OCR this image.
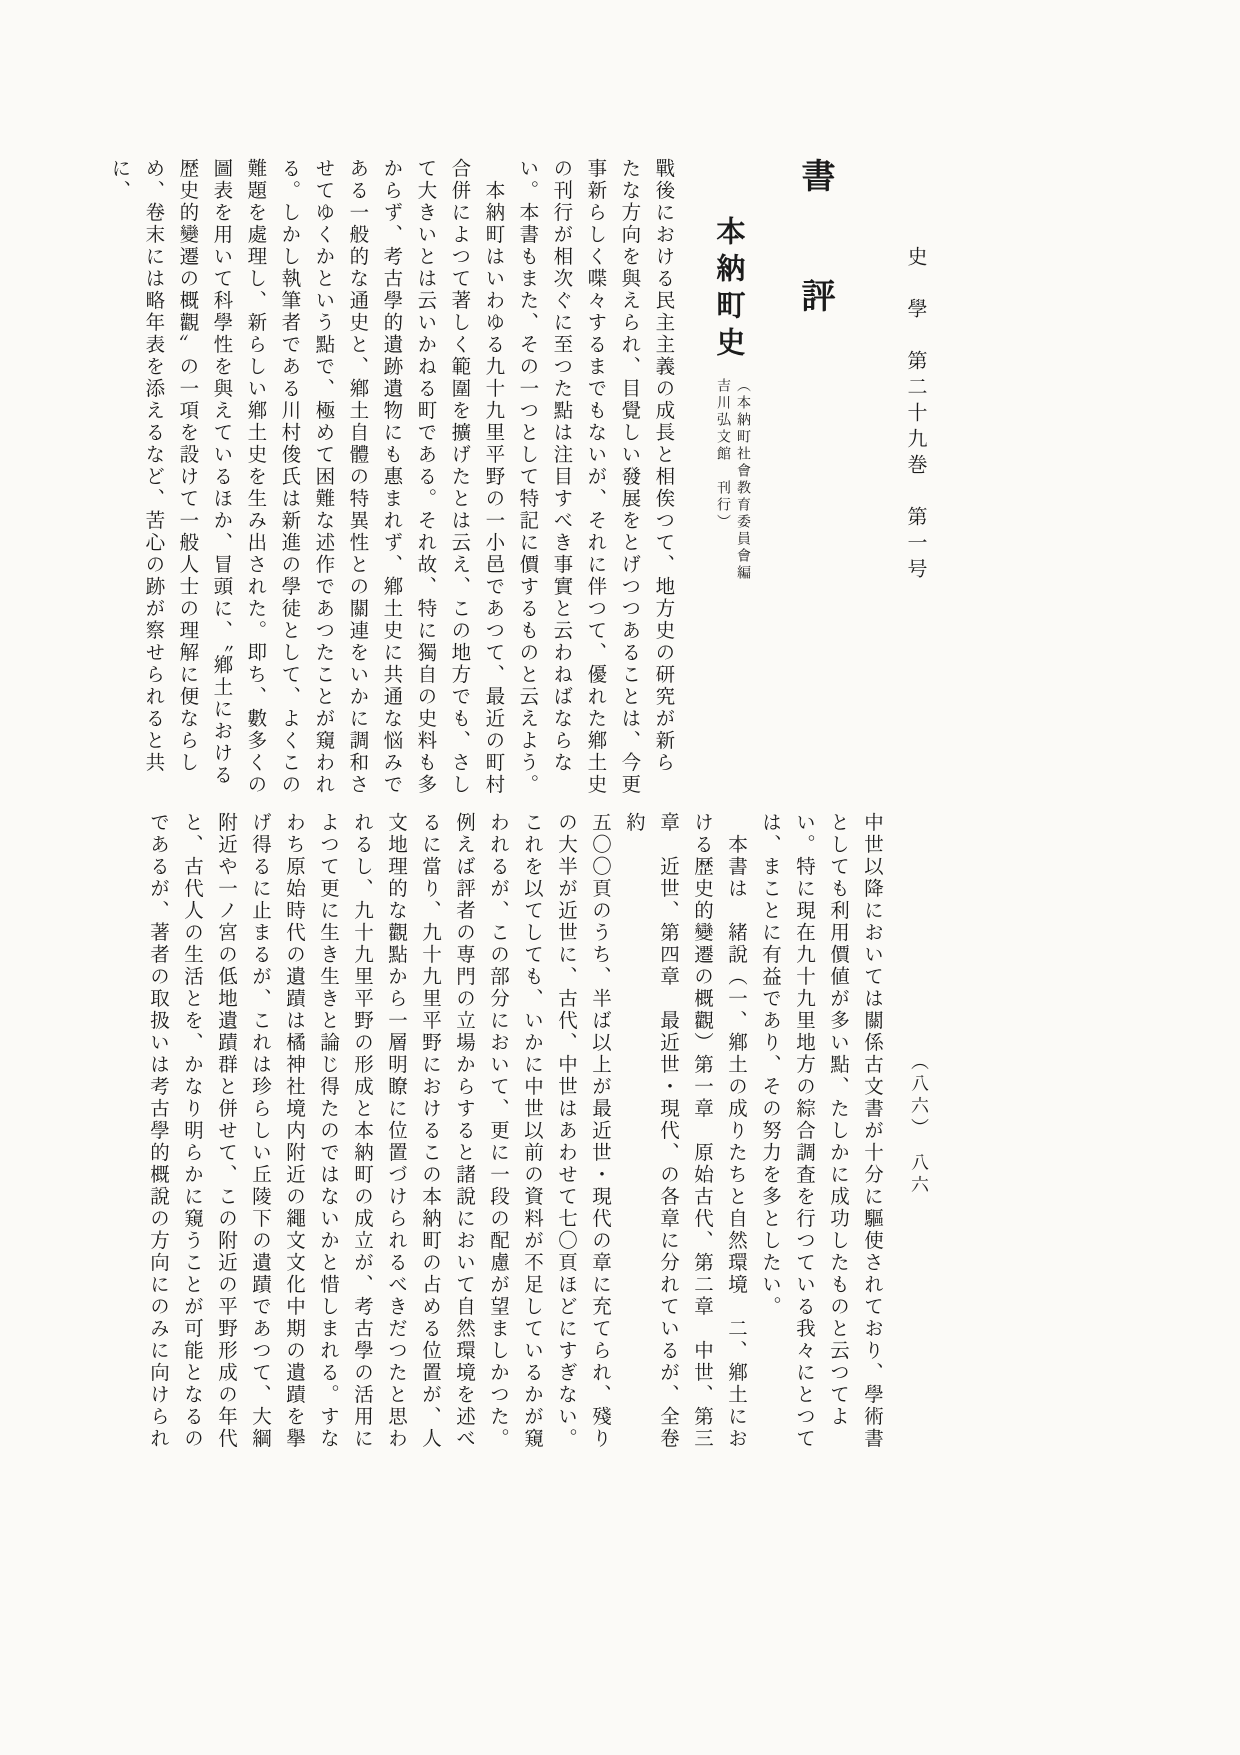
史　學　第二十九巻　第一号
（八六）　八六
書　評
本納町史
（本納町社會教育委員會編
吉川弘文館　刊行）
戰後における民主主義の成長と相俟つて、地方史の研究が新ら
たな方向を與えられ、目覺しい發展をとげつつあることは、今更
事新らしく喋々するまでもないが、それに伴つて、優れた鄕土史
の刊行が相次ぐに至つた點は注目すべき事實と云わねばならな
い。本書もまた、その一つとして特記に價するものと云えよう。
　本納町はいわゆる九十九里平野の一小邑であつて、最近の町村
合併によつて著しく範圍を擴げたとは云え、この地方でも、さし
て大きいとは云いかねる町である。それ故、特に獨自の史料も多
からず、考古學的遺跡遺物にも惠まれず、鄕土史に共通な悩みで
ある一般的な通史と、鄕土自體の特異性との關連をいかに調和さ
せてゆくかという點で、極めて困難な述作であつたことが窺われ
る。しかし執筆者である川村俊氏は新進の學徒として、よくこの
難題を處理し、新らしい鄕土史を生み出された。即ち、數多くの
圖表を用いて科學性を與えているほか、冒頭に、〝鄕土における
歴史的變遷の概觀〟の一項を設けて一般人士の理解に便ならし
め、卷末には略年表を添えるなど、苦心の跡が察せられると共に、
中世以降においては關係古文書が十分に驅使されており、學術書
としても利用價値が多い點、たしかに成功したものと云つてよ
い。特に現在九十九里地方の綜合調査を行つている我々にとつて
は、まことに有益であり、その努力を多としたい。
　本書は　緒說（一、鄕土の成りたちと自然環境　二、鄕土にお
ける歴史的變遷の概觀）第一章　原始古代、第二章　中世、第三
章　近世、第四章　最近世・現代、の各章に分れているが、全卷約
五〇〇頁のうち、半ば以上が最近世・現代の章に充てられ、殘り
の大半が近世に、古代、中世はあわせて七〇頁ほどにすぎない。
これを以てしても、いかに中世以前の資料が不足しているかが窺
われるが、この部分において、更に一段の配慮が望ましかつた。
例えば評者の専門の立場からすると諸說において自然環境を述べ
るに當り、九十九里平野におけるこの本納町の占める位置が、人
文地理的な觀點から一層明瞭に位置づけられるべきだつたと思わ
れるし、九十九里平野の形成と本納町の成立が、考古學の活用に
よつて更に生き生きと論じ得たのではないかと惜しまれる。すな
わち原始時代の遺蹟は橘神社境内附近の繩文文化中期の遺蹟を擧
げ得るに止まるが、これは珍らしい丘陵下の遺蹟であつて、大綱
附近や一ノ宮の低地遺蹟群と併せて、この附近の平野形成の年代
と、古代人の生活とを、かなり明らかに窺うことが可能となるの
であるが、著者の取扱いは考古學的概說の方向にのみに向けられ
